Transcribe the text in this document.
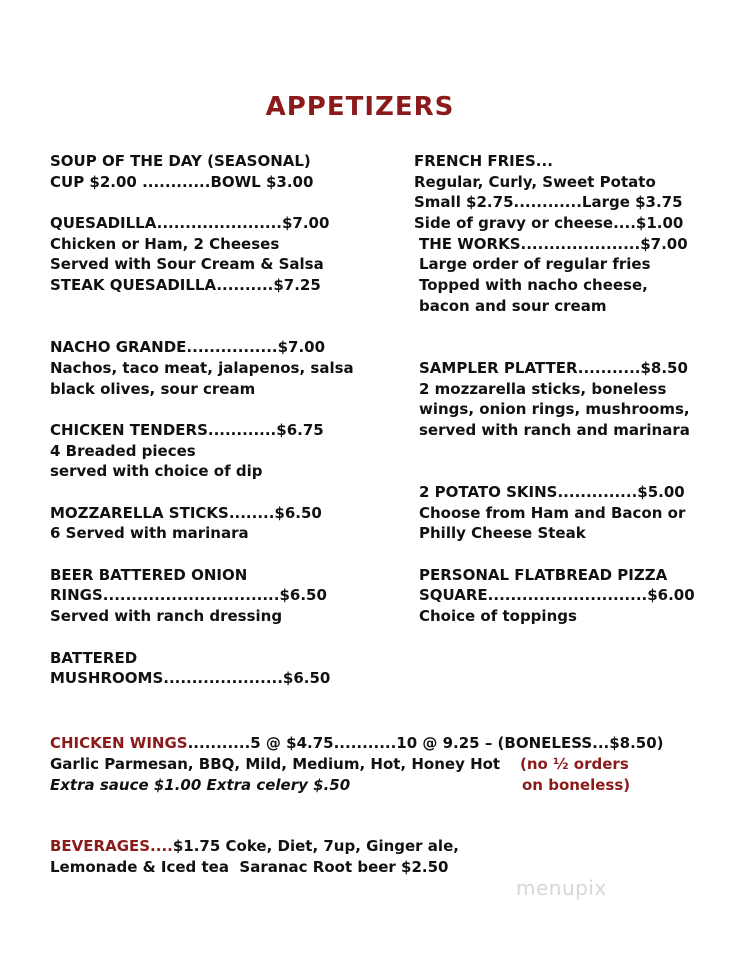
APPETIZERS
SOUP OF THE DAY (SEASONAL)
CUP $2.00 ............BOWL $3.00
QUESADILLA......................$7.00
Chicken or Ham, 2 Cheeses
Served with Sour Cream & Salsa
STEAK QUESADILLA..........$7.25
NACHO GRANDE................$7.00
Nachos, taco meat, jalapenos, salsa
black olives, sour cream
CHICKEN TENDERS............$6.75
4 Breaded pieces
served with choice of dip
MOZZARELLA STICKS........$6.50
6 Served with marinara
BEER BATTERED ONION
RINGS...............................$6.50
Served with ranch dressing
BATTERED
MUSHROOMS.....................$6.50
FRENCH FRIES...
Regular, Curly, Sweet Potato
Small $2.75............Large $3.75
Side of gravy or cheese....$1.00
THE WORKS.....................$7.00
Large order of regular fries
Topped with nacho cheese,
bacon and sour cream
SAMPLER PLATTER...........$8.50
2 mozzarella sticks, boneless
wings, onion rings, mushrooms,
served with ranch and marinara
2 POTATO SKINS..............$5.00
Choose from Ham and Bacon or
Philly Cheese Steak
PERSONAL FLATBREAD PIZZA
SQUARE............................$6.00
Choice of toppings
CHICKEN WINGS...........5 @ $4.75...........10 @ 9.25 – (BONELESS...$8.50)
Garlic Parmesan, BBQ, Mild, Medium, Hot, Honey Hot (no ½ orders
Extra sauce $1.00 Extra celery $.50	on boneless)
BEVERAGES....$1.75 Coke, Diet, 7up, Ginger ale,
Lemonade & Iced tea  Saranac Root beer $2.50
menupix
